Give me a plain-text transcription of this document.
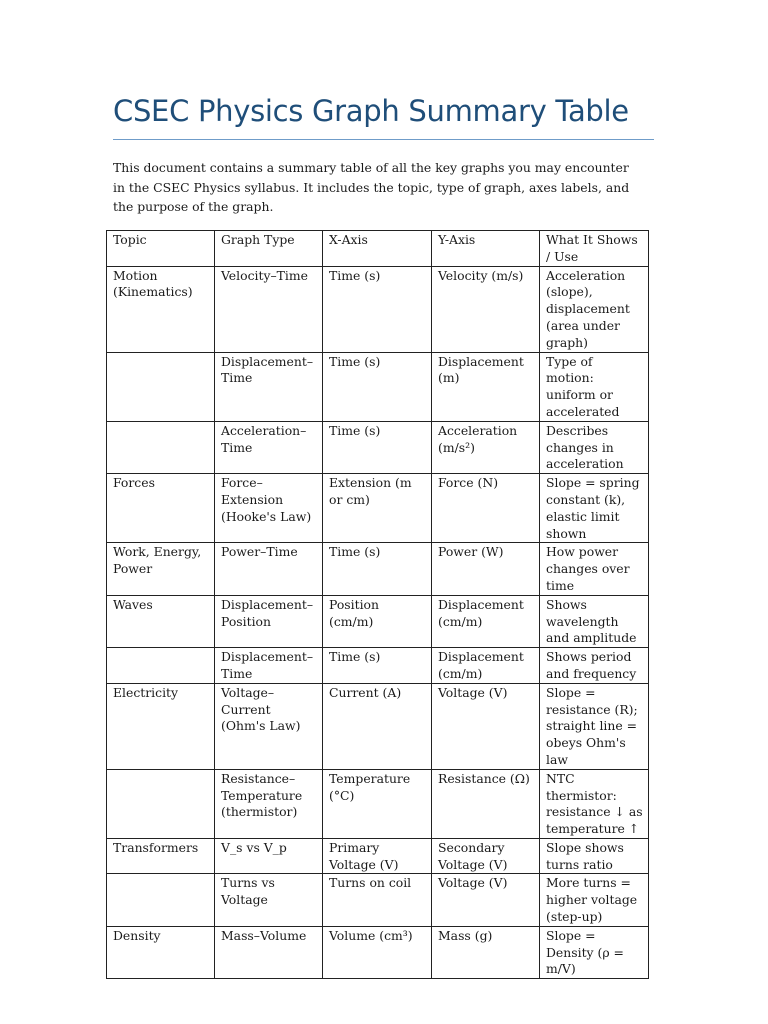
CSEC Physics Graph Summary Table

This document contains a summary table of all the key graphs you may encounter in the CSEC Physics syllabus. It includes the topic, type of graph, axes labels, and the purpose of the graph.

Topic	Graph Type	X-Axis	Y-Axis	What It Shows / Use
Motion (Kinematics)	Velocity–Time	Time (s)	Velocity (m/s)	Acceleration (slope), displacement (area under graph)
	Displacement–Time	Time (s)	Displacement (m)	Type of motion: uniform or accelerated
	Acceleration–Time	Time (s)	Acceleration (m/s²)	Describes changes in acceleration
Forces	Force–Extension (Hooke's Law)	Extension (m or cm)	Force (N)	Slope = spring constant (k), elastic limit shown
Work, Energy, Power	Power–Time	Time (s)	Power (W)	How power changes over time
Waves	Displacement–Position	Position (cm/m)	Displacement (cm/m)	Shows wavelength and amplitude
	Displacement–Time	Time (s)	Displacement (cm/m)	Shows period and frequency
Electricity	Voltage–Current (Ohm's Law)	Current (A)	Voltage (V)	Slope = resistance (R); straight line = obeys Ohm's law
	Resistance–Temperature (thermistor)	Temperature (°C)	Resistance (Ω)	NTC thermistor: resistance ↓ as temperature ↑
Transformers	V_s vs V_p	Primary Voltage (V)	Secondary Voltage (V)	Slope shows turns ratio
	Turns vs Voltage	Turns on coil	Voltage (V)	More turns = higher voltage (step-up)
Density	Mass–Volume	Volume (cm³)	Mass (g)	Slope = Density (ρ = m/V)
